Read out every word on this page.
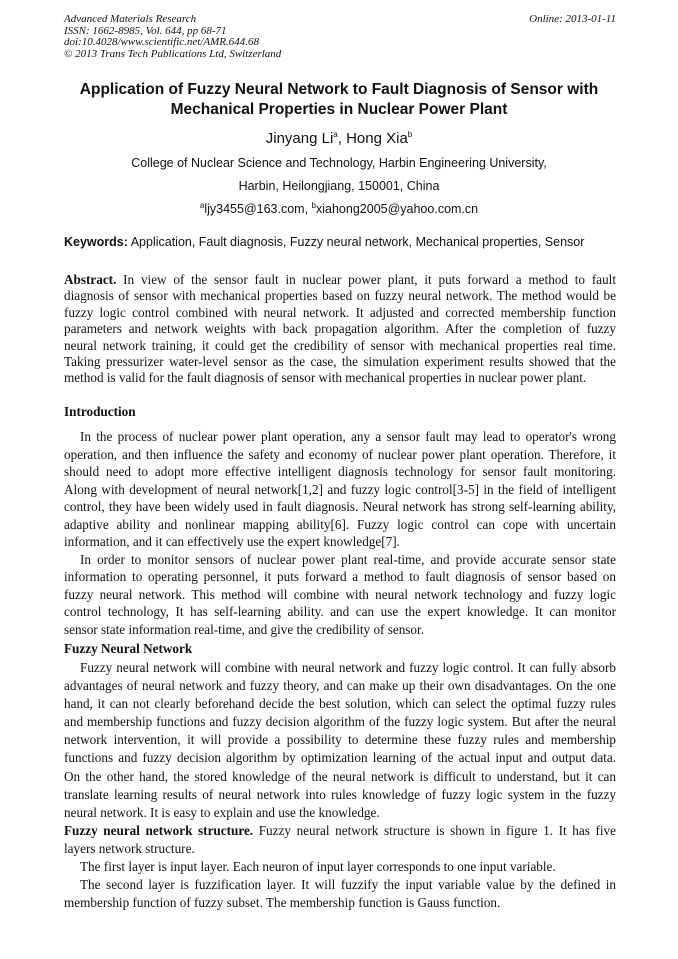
Advanced Materials Research
ISSN: 1662-8985, Vol. 644, pp 68-71
doi:10.4028/www.scientific.net/AMR.644.68
© 2013 Trans Tech Publications Ltd, Switzerland
Online: 2013-01-11
Application of Fuzzy Neural Network to Fault Diagnosis of Sensor with
Mechanical Properties in Nuclear Power Plant
Jinyang Li$^a$, Hong Xia$^b$
College of Nuclear Science and Technology, Harbin Engineering University,
Harbin, Heilongjiang, 150001, China
$^a$ljy3455@163.com, $^b$xiahong2005@yahoo.com.cn
Keywords: Application, Fault diagnosis, Fuzzy neural network, Mechanical properties, Sensor
Abstract. In view of the sensor fault in nuclear power plant, it puts forward a method to fault
diagnosis of sensor with mechanical properties based on fuzzy neural network. The method would be
fuzzy logic control combined with neural network. It adjusted and corrected membership function
parameters and network weights with back propagation algorithm. After the completion of fuzzy
neural network training, it could get the credibility of sensor with mechanical properties real time.
Taking pressurizer water-level sensor as the case, the simulation experiment results showed that the
method is valid for the fault diagnosis of sensor with mechanical properties in nuclear power plant.
Introduction
In the process of nuclear power plant operation, any a sensor fault may lead to operator's wrong
operation, and then influence the safety and economy of nuclear power plant operation. Therefore, it
should need to adopt more effective intelligent diagnosis technology for sensor fault monitoring.
Along with development of neural network[1,2] and fuzzy logic control[3-5] in the field of intelligent
control, they have been widely used in fault diagnosis. Neural network has strong self-learning ability,
adaptive ability and nonlinear mapping ability[6]. Fuzzy logic control can cope with uncertain
information, and it can effectively use the expert knowledge[7].
In order to monitor sensors of nuclear power plant real-time, and provide accurate sensor state
information to operating personnel, it puts forward a method to fault diagnosis of sensor based on
fuzzy neural network. This method will combine with neural network technology and fuzzy logic
control technology, It has self-learning ability. and can use the expert knowledge. It can monitor
sensor state information real-time, and give the credibility of sensor.
Fuzzy Neural Network
Fuzzy neural network will combine with neural network and fuzzy logic control. It can fully absorb
advantages of neural network and fuzzy theory, and can make up their own disadvantages. On the one
hand, it can not clearly beforehand decide the best solution, which can select the optimal fuzzy rules
and membership functions and fuzzy decision algorithm of the fuzzy logic system. But after the neural
network intervention, it will provide a possibility to determine these fuzzy rules and membership
functions and fuzzy decision algorithm by optimization learning of the actual input and output data.
On the other hand, the stored knowledge of the neural network is difficult to understand, but it can
translate learning results of neural network into rules knowledge of fuzzy logic system in the fuzzy
neural network. It is easy to explain and use the knowledge.
Fuzzy neural network structure. Fuzzy neural network structure is shown in figure 1. It has five
layers network structure.
The first layer is input layer. Each neuron of input layer corresponds to one input variable.
The second layer is fuzzification layer. It will fuzzify the input variable value by the defined in
membership function of fuzzy subset. The membership function is Gauss function.
